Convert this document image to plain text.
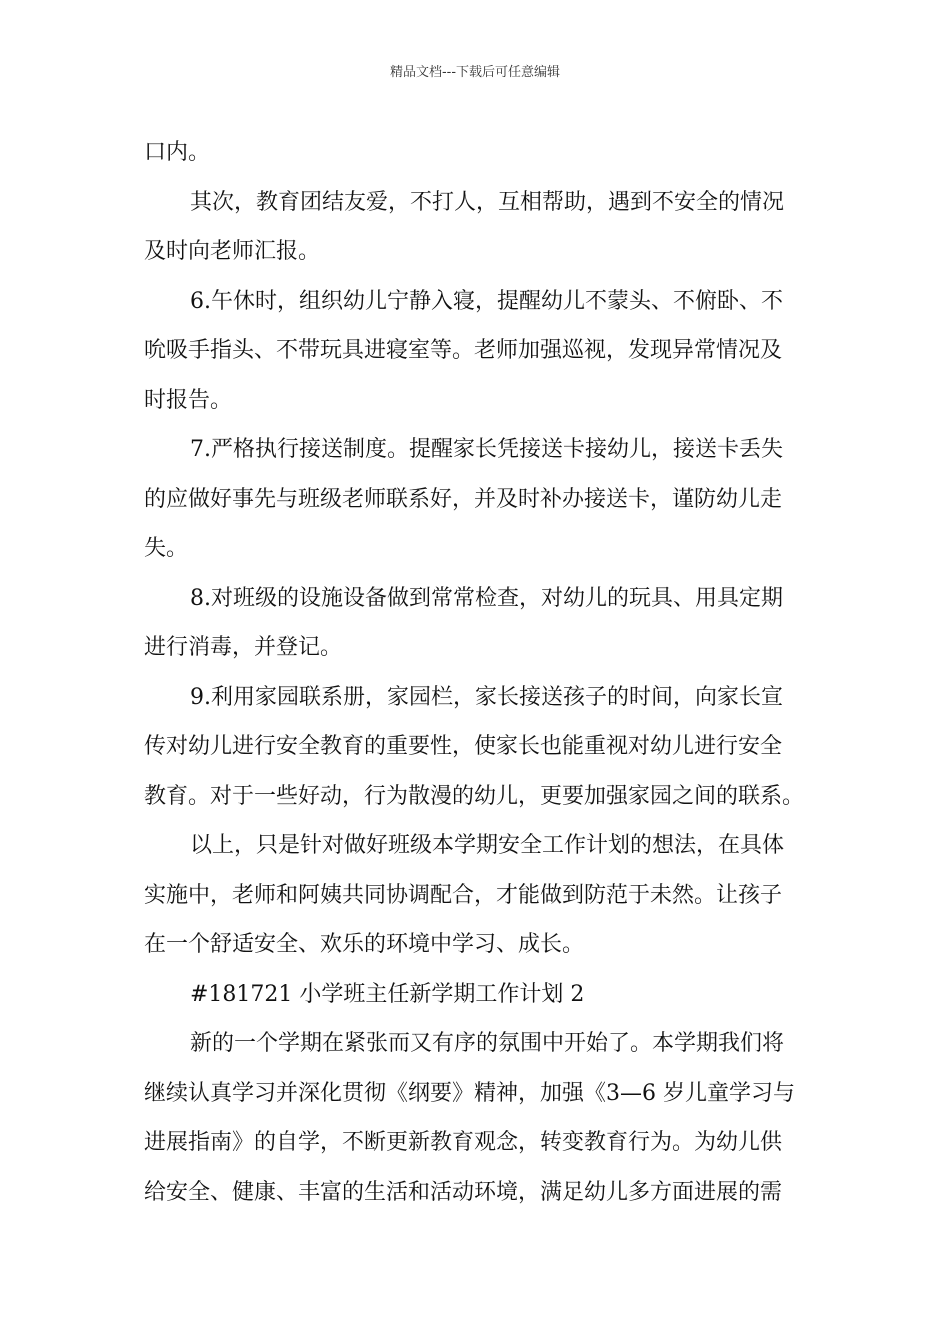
精品文档---下载后可任意编辑
口内。
其次，教育团结友爱，不打人，互相帮助，遇到不安全的情况
及时向老师汇报。
6.午休时，组织幼儿宁静入寝，提醒幼儿不蒙头、不俯卧、不
吮吸手指头、不带玩具进寝室等。老师加强巡视，发现异常情况及
时报告。
7.严格执行接送制度。提醒家长凭接送卡接幼儿，接送卡丢失
的应做好事先与班级老师联系好，并及时补办接送卡，谨防幼儿走
失。
8.对班级的设施设备做到常常检查，对幼儿的玩具、用具定期
进行消毒，并登记。
9.利用家园联系册，家园栏，家长接送孩子的时间，向家长宣
传对幼儿进行安全教育的重要性，使家长也能重视对幼儿进行安全
教育。对于一些好动，行为散漫的幼儿，更要加强家园之间的联系。
以上，只是针对做好班级本学期安全工作计划的想法，在具体
实施中，老师和阿姨共同协调配合，才能做到防范于未然。让孩子
在一个舒适安全、欢乐的环境中学习、成长。
#181721 小学班主任新学期工作计划 2
新的一个学期在紧张而又有序的氛围中开始了。本学期我们将
继续认真学习并深化贯彻《纲要》精神，加强《3—6 岁儿童学习与
进展指南》的自学，不断更新教育观念，转变教育行为。为幼儿供
给安全、健康、丰富的生活和活动环境，满足幼儿多方面进展的需
